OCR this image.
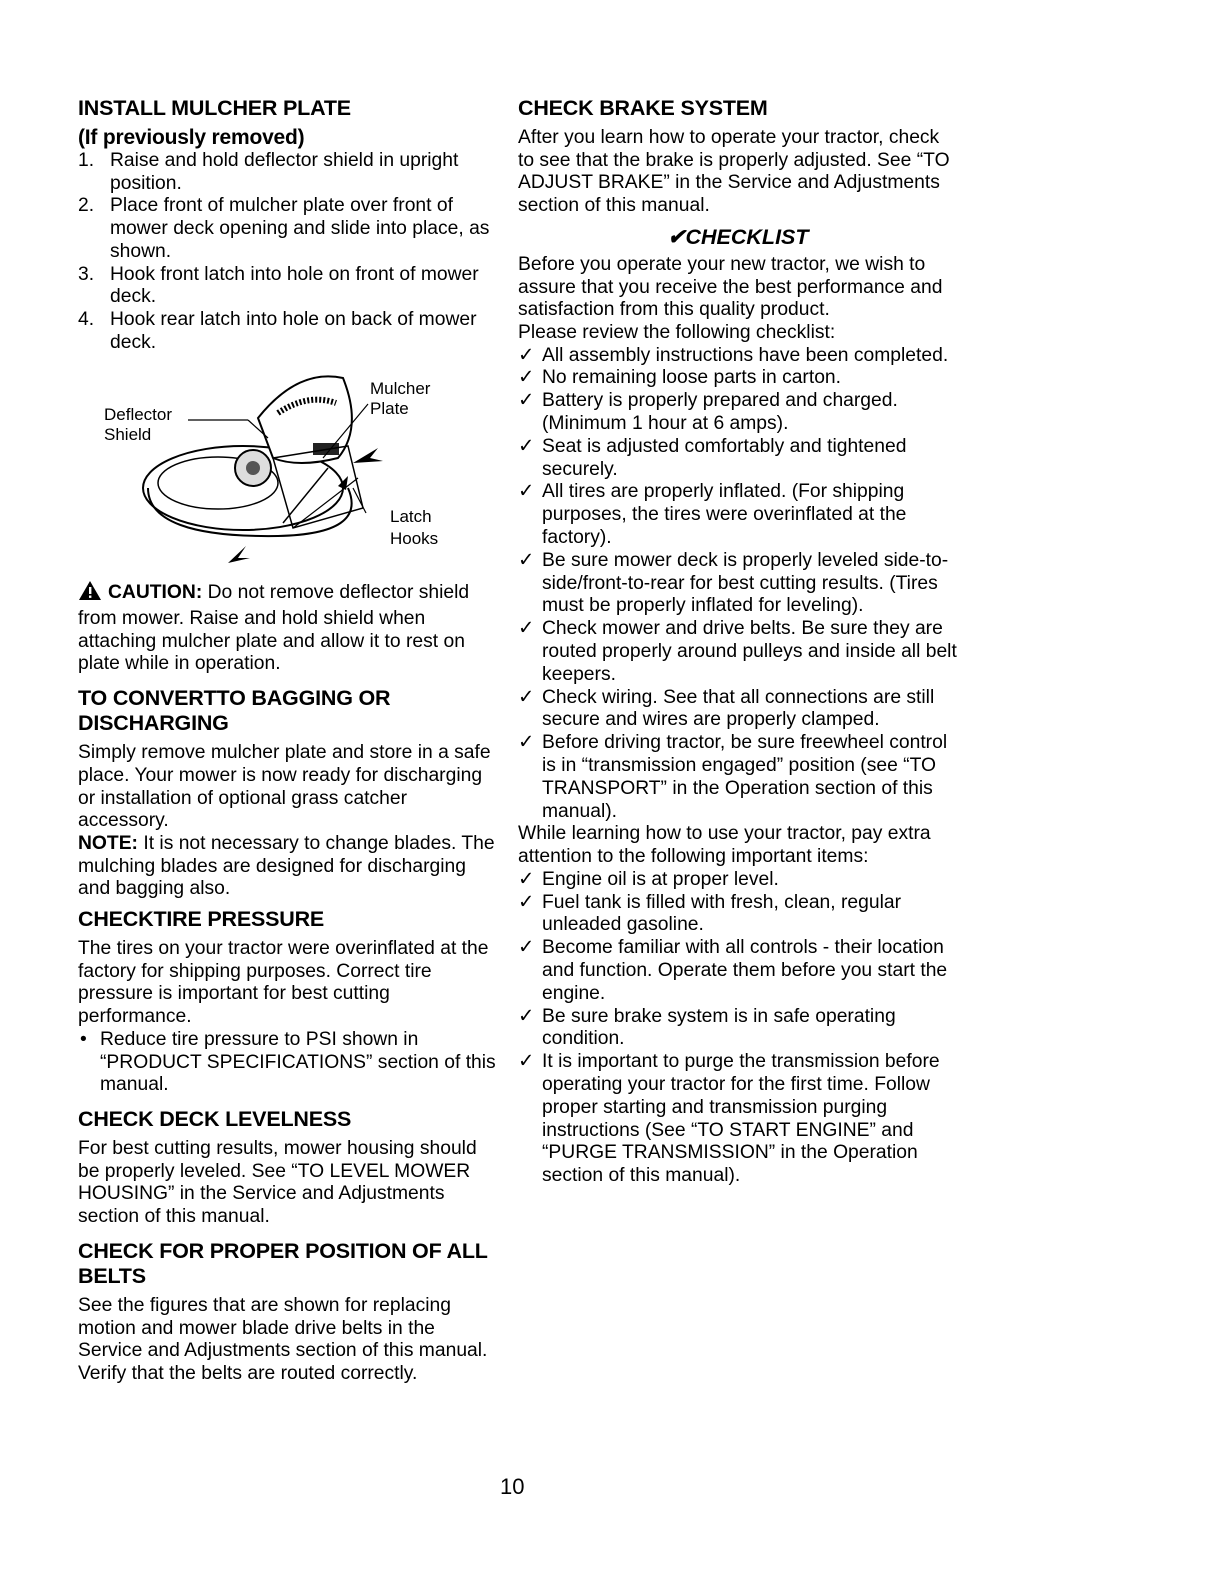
INSTALL MULCHER PLATE
(If previously removed)
1. Raise and hold deflector shield in upright position.
2. Place front of mulcher plate over front of mower deck opening and slide into place, as shown.
3. Hook front latch into hole on front of mower deck.
4. Hook rear latch into hole on back of mower deck.
Deflector
Shield
Mulcher
Plate
Latch
Hooks

CAUTION: Do not remove deflector shield from mower. Raise and hold shield when attaching mulcher plate and allow it to rest on plate while in operation.

TO CONVERTTO BAGGING OR DISCHARGING

Simply remove mulcher plate and store in a safe place. Your mower is now ready for discharging or installation of optional grass catcher accessory.

NOTE: It is not necessary to change blades. The mulching blades are designed for discharging and bagging also.

CHECKTIRE PRESSURE

The tires on your tractor were overinflated at the factory for shipping purposes. Correct tire pressure is important for best cutting performance.

• Reduce tire pressure to PSI shown in “PRODUCT SPECIFICATIONS” section of this manual.
CHECK DECK LEVELNESS

For best cutting results, mower housing should be properly leveled. See “TO LEVEL MOWER HOUSING” in the Service and Adjustments section of this manual.

CHECK FOR PROPER POSITION OF ALL BELTS

See the figures that are shown for replacing motion and mower blade drive belts in the Service and Adjustments section of this manual. Verify that the belts are routed correctly.

CHECK BRAKE SYSTEM

After you learn how to operate your tractor, check to see that the brake is properly adjusted. See “TO ADJUST BRAKE” in the Service and Adjustments section of this manual.

✔CHECKLIST

Before you operate your new tractor, we wish to assure that you receive the best performance and satisfaction from this quality product.

Please review the following checklist:

✓ All assembly instructions have been completed.
✓ No remaining loose parts in carton.
✓ Battery is properly prepared and charged. (Minimum 1 hour at 6 amps).
✓ Seat is adjusted comfortably and tightened securely.
✓ All tires are properly inflated. (For shipping purposes, the tires were overinflated at the factory).
✓ Be sure mower deck is properly leveled side-to-side/front-to-rear for best cutting results. (Tires must be properly inflated for leveling).
✓ Check mower and drive belts. Be sure they are routed properly around pulleys and inside all belt keepers.
✓ Check wiring. See that all connections are still secure and wires are properly clamped.
✓ Before driving tractor, be sure freewheel control is in “transmission engaged” position (see “TO TRANSPORT” in the Operation section of this manual).

While learning how to use your tractor, pay extra attention to the following important items:

✓ Engine oil is at proper level.
✓ Fuel tank is filled with fresh, clean, regular unleaded gasoline.
✓ Become familiar with all controls - their location and function. Operate them before you start the engine.
✓ Be sure brake system is in safe operating condition.
✓ It is important to purge the transmission before operating your tractor for the first time. Follow proper starting and transmission purging instructions (See “TO START ENGINE” and “PURGE TRANSMISSION” in the Operation section of this manual).
10
